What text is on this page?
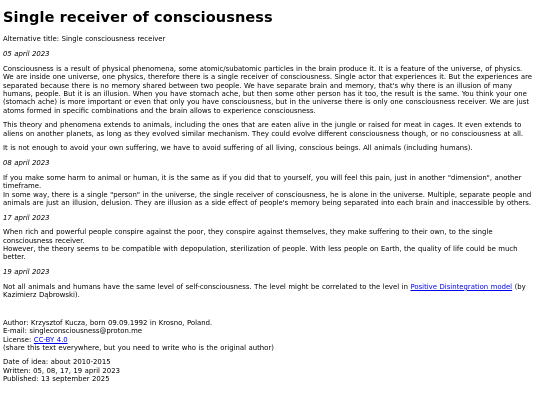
Single receiver of consciousness

Alternative title: Single consciousness receiver

05 april 2023

Consciousness is a result of physical phenomena, some atomic/subatomic particles in the brain produce it. It is a feature of the universe, of physics. We are inside one universe, one physics, therefore there is a single receiver of consciousness. Single actor that experiences it. But the experiences are separated because there is no memory shared between two people. We have separate brain and memory, that's why there is an illusion of many humans, people. But it is an illusion. When you have stomach ache, but then some other person has it too, the result is the same. You think your one (stomach ache) is more important or even that only you have consciousness, but in the universe there is only one consciousness receiver. We are just atoms formed in specific combinations and the brain allows to experience consciousness.

This theory and phenomena extends to animals, including the ones that are eaten alive in the jungle or raised for meat in cages. It even extends to aliens on another planets, as long as they evolved similar mechanism. They could evolve different consciousness though, or no consciousness at all.

It is not enough to avoid your own suffering, we have to avoid suffering of all living, conscious beings. All animals (including humans).

08 april 2023

If you make some harm to animal or human, it is the same as if you did that to yourself, you will feel this pain, just in another "dimension", another timeframe.
In some way, there is a single "person" in the universe, the single receiver of consciousness, he is alone in the universe. Multiple, separate people and animals are just an illusion, delusion. They are illusion as a side effect of people's memory being separated into each brain and inaccessible by others.

17 april 2023

When rich and powerful people conspire against the poor, they conspire against themselves, they make suffering to their own, to the single consciousness receiver.
However, the theory seems to be compatible with depopulation, sterilization of people. With less people on Earth, the quality of life could be much better.

19 april 2023

Not all animals and humans have the same level of self-consciousness. The level might be correlated to the level in Positive Disintegration model (by Kazimierz Dąbrowski).

Author: Krzysztof Kucza, born 09.09.1992 in Krosno, Poland.
E-mail: singleconsciousness@proton.me
License: CC-BY 4.0
(share this text everywhere, but you need to write who is the original author)

Date of idea: about 2010-2015
Written: 05, 08, 17, 19 april 2023
Published: 13 september 2025
